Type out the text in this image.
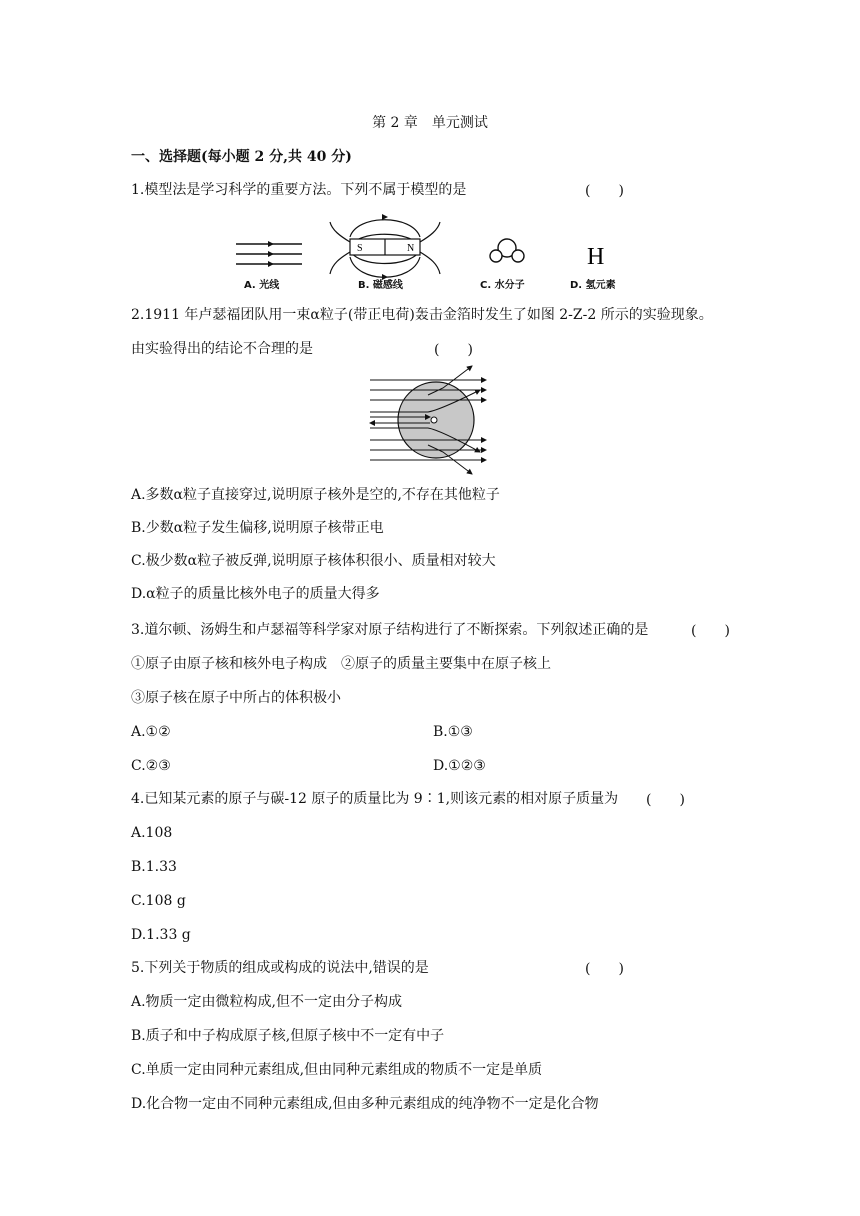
第 2 章　单元测试
一、选择题(每小题 2 分,共 40 分)
1.模型法是学习科学的重要方法。下列不属于模型的是	(　　)
S	N	H
A. 光线	B. 磁感线	C. 水分子	D. 氢元素
2.1911 年卢瑟福团队用一束α粒子(带正电荷)轰击金箔时发生了如图 2-Z-2 所示的实验现象。
由实验得出的结论不合理的是	(　　)
A.多数α粒子直接穿过,说明原子核外是空的,不存在其他粒子
B.少数α粒子发生偏移,说明原子核带正电
C.极少数α粒子被反弹,说明原子核体积很小、质量相对较大
D.α粒子的质量比核外电子的质量大得多
3.道尔顿、汤姆生和卢瑟福等科学家对原子结构进行了不断探索。下列叙述正确的是	(　　)
①原子由原子核和核外电子构成　②原子的质量主要集中在原子核上
③原子核在原子中所占的体积极小
A.①②	B.①③
C.②③	D.①②③
4.已知某元素的原子与碳-12 原子的质量比为 9∶1,则该元素的相对原子质量为 (　　)
A.108
B.1.33
C.108 g
D.1.33 g
5.下列关于物质的组成或构成的说法中,错误的是	(　　)
A.物质一定由微粒构成,但不一定由分子构成
B.质子和中子构成原子核,但原子核中不一定有中子
C.单质一定由同种元素组成,但由同种元素组成的物质不一定是单质
D.化合物一定由不同种元素组成,但由多种元素组成的纯净物不一定是化合物
